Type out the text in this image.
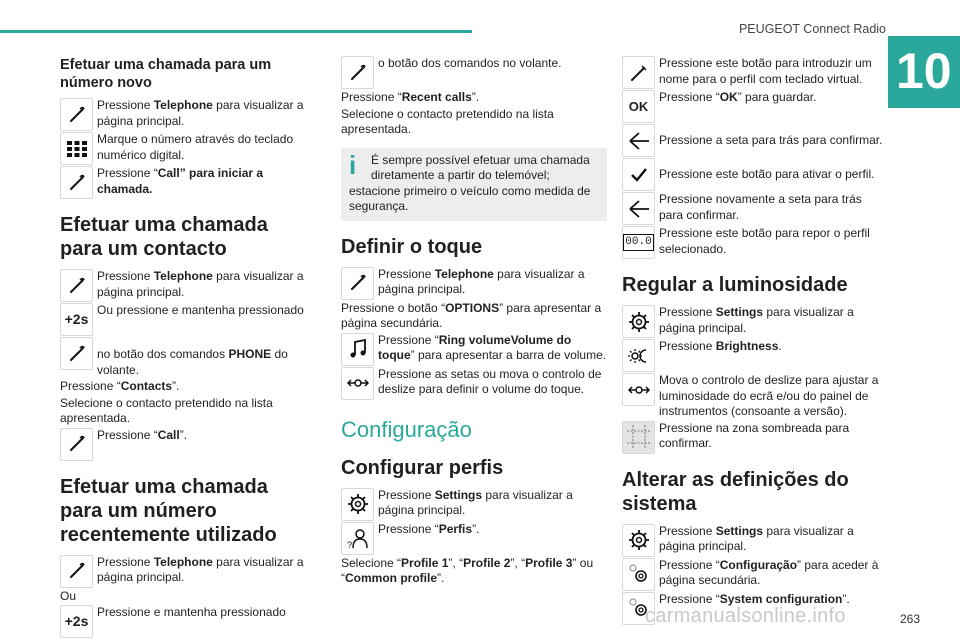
PEUGEOT Connect Radio
10
Efetuar uma chamada para um número novo
Pressione Telephone para visualizar a página principal.
Marque o número através do teclado numérico digital.
Pressione “Call” para iniciar a chamada.
Efetuar uma chamada para um contacto
Pressione Telephone para visualizar a página principal.
+2s
Ou pressione e mantenha pressionado
no botão dos comandos PHONE do volante.
Pressione “Contacts”.
Selecione o contacto pretendido na lista apresentada.
Pressione “Call”.
Efetuar uma chamada para um número recentemente utilizado
Pressione Telephone para visualizar a página principal.
Ou
+2s
Pressione e mantenha pressionado
o botão dos comandos no volante.
Pressione “Recent calls”.
Selecione o contacto pretendido na lista apresentada.
i	É sempre possível efetuar uma chamada diretamente a partir do telemóvel;
estacione primeiro o veículo como medida de segurança.
Definir o toque
Pressione Telephone para visualizar a página principal.
Pressione o botão “OPTIONS” para apresentar a página secundária.
Pressione “Ring volumeVolume do toque” para apresentar a barra de volume.
Pressione as setas ou mova o controlo de deslize para definir o volume do toque.
Configuração
Configurar perfis
Pressione Settings para visualizar a página principal.
?
Pressione “Perfis”.
Selecione “Profile 1”, “Profile 2”, “Profile 3” ou “Common profile”.
Pressione este botão para introduzir um nome para o perfil com teclado virtual.
OK
Pressione “OK” para guardar.
Pressione a seta para trás para confirmar.
Pressione este botão para ativar o perfil.
Pressione novamente a seta para trás para confirmar.
00.0
Pressione este botão para repor o perfil selecionado.
Regular a luminosidade
Pressione Settings para visualizar a página principal.
Pressione Brightness.
Mova o controlo de deslize para ajustar a luminosidade do ecrã e/ou do painel de instrumentos (consoante a versão).
Pressione na zona sombreada para confirmar.
Alterar as definições do sistema
Pressione Settings para visualizar a página principal.
Pressione “Configuração” para aceder à página secundária.
Pressione “System configuration”.
carmanualsonline.info	263
